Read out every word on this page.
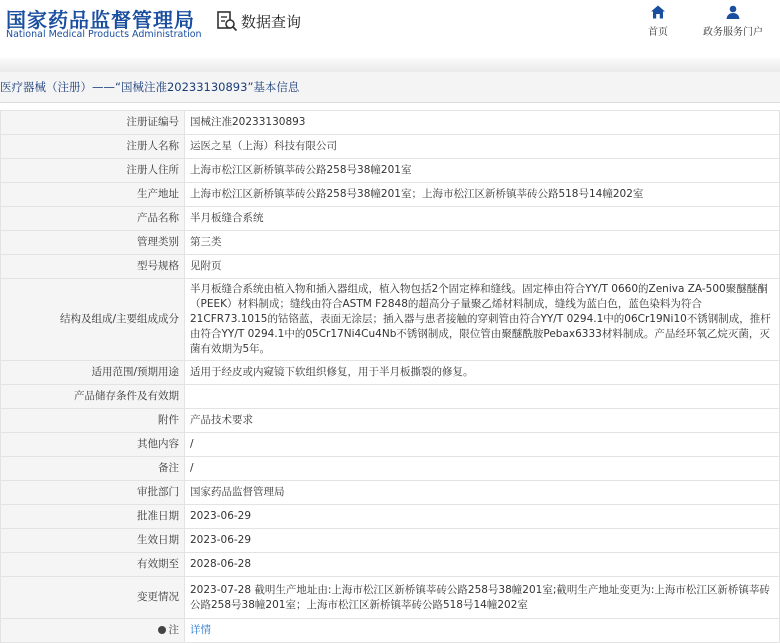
国家药品监督管理局
National Medical Products Administration
数据查询
首页	政务服务门户
医疗器械（注册）——“国械注准20233130893”基本信息
注册证编号	国械注准20233130893
注册人名称	运医之星（上海）科技有限公司
注册人住所	上海市松江区新桥镇莘砖公路258号38幢201室
生产地址	上海市松江区新桥镇莘砖公路258号38幢201室；上海市松江区新桥镇莘砖公路518号14幢202室
产品名称	半月板缝合系统
管理类别	第三类
型号规格	见附页
结构及组成/主要组成成分	半月板缝合系统由植入物和插入器组成，植入物包括2个固定棒和缝线。固定棒由符合YY/T 0660的Zeniva ZA-500聚醚醚酮（PEEK）材料制成；缝线由符合ASTM F2848的超高分子量聚乙烯材料制成，缝线为蓝白色，蓝色染料为符合21CFR73.1015的钴铬蓝，表面无涂层；插入器与患者接触的穿刺管由符合YY/T 0294.1中的06Cr19Ni10不锈钢制成，推杆由符合YY/T 0294.1中的05Cr17Ni4Cu4Nb不锈钢制成，限位管由聚醚酰胺Pebax6333材料制成。产品经环氧乙烷灭菌，灭菌有效期为5年。
适用范围/预期用途	适用于经皮或内窥镜下软组织修复，用于半月板撕裂的修复。
产品储存条件及有效期	
附件	产品技术要求
其他内容	/
备注	/
审批部门	国家药品监督管理局
批准日期	2023-06-29
生效日期	2023-06-29
有效期至	2028-06-28
变更情况	2023-07-28 截明生产地址由:上海市松江区新桥镇莘砖公路258号38幢201室;截明生产地址变更为:上海市松江区新桥镇莘砖公路258号38幢201室；上海市松江区新桥镇莘砖公路518号14幢202室
注	详情
